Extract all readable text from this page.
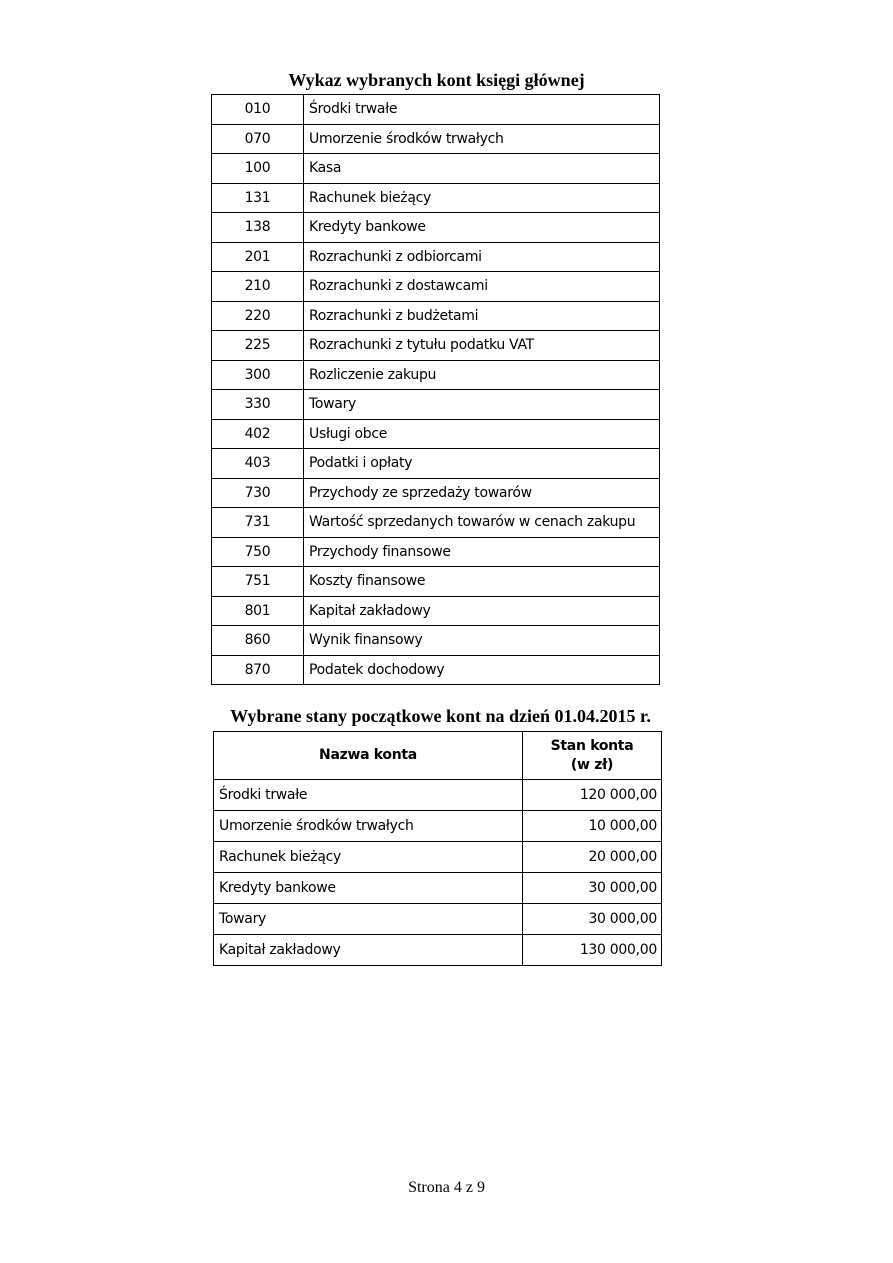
Wykaz wybranych kont księgi głównej
010	Środki trwałe
070	Umorzenie środków trwałych
100	Kasa
131	Rachunek bieżący
138	Kredyty bankowe
201	Rozrachunki z odbiorcami
210	Rozrachunki z dostawcami
220	Rozrachunki z budżetami
225	Rozrachunki z tytułu podatku VAT
300	Rozliczenie zakupu
330	Towary
402	Usługi obce
403	Podatki i opłaty
730	Przychody ze sprzedaży towarów
731	Wartość sprzedanych towarów w cenach zakupu
750	Przychody finansowe
751	Koszty finansowe
801	Kapitał zakładowy
860	Wynik finansowy
870	Podatek dochodowy
Wybrane stany początkowe kont na dzień 01.04.2015 r.
Nazwa konta	Stan konta
(w zł)

Środki trwałe	120 000,00
Umorzenie środków trwałych	10 000,00
Rachunek bieżący	20 000,00
Kredyty bankowe	30 000,00
Towary	30 000,00
Kapitał zakładowy	130 000,00
Strona 4 z 9
